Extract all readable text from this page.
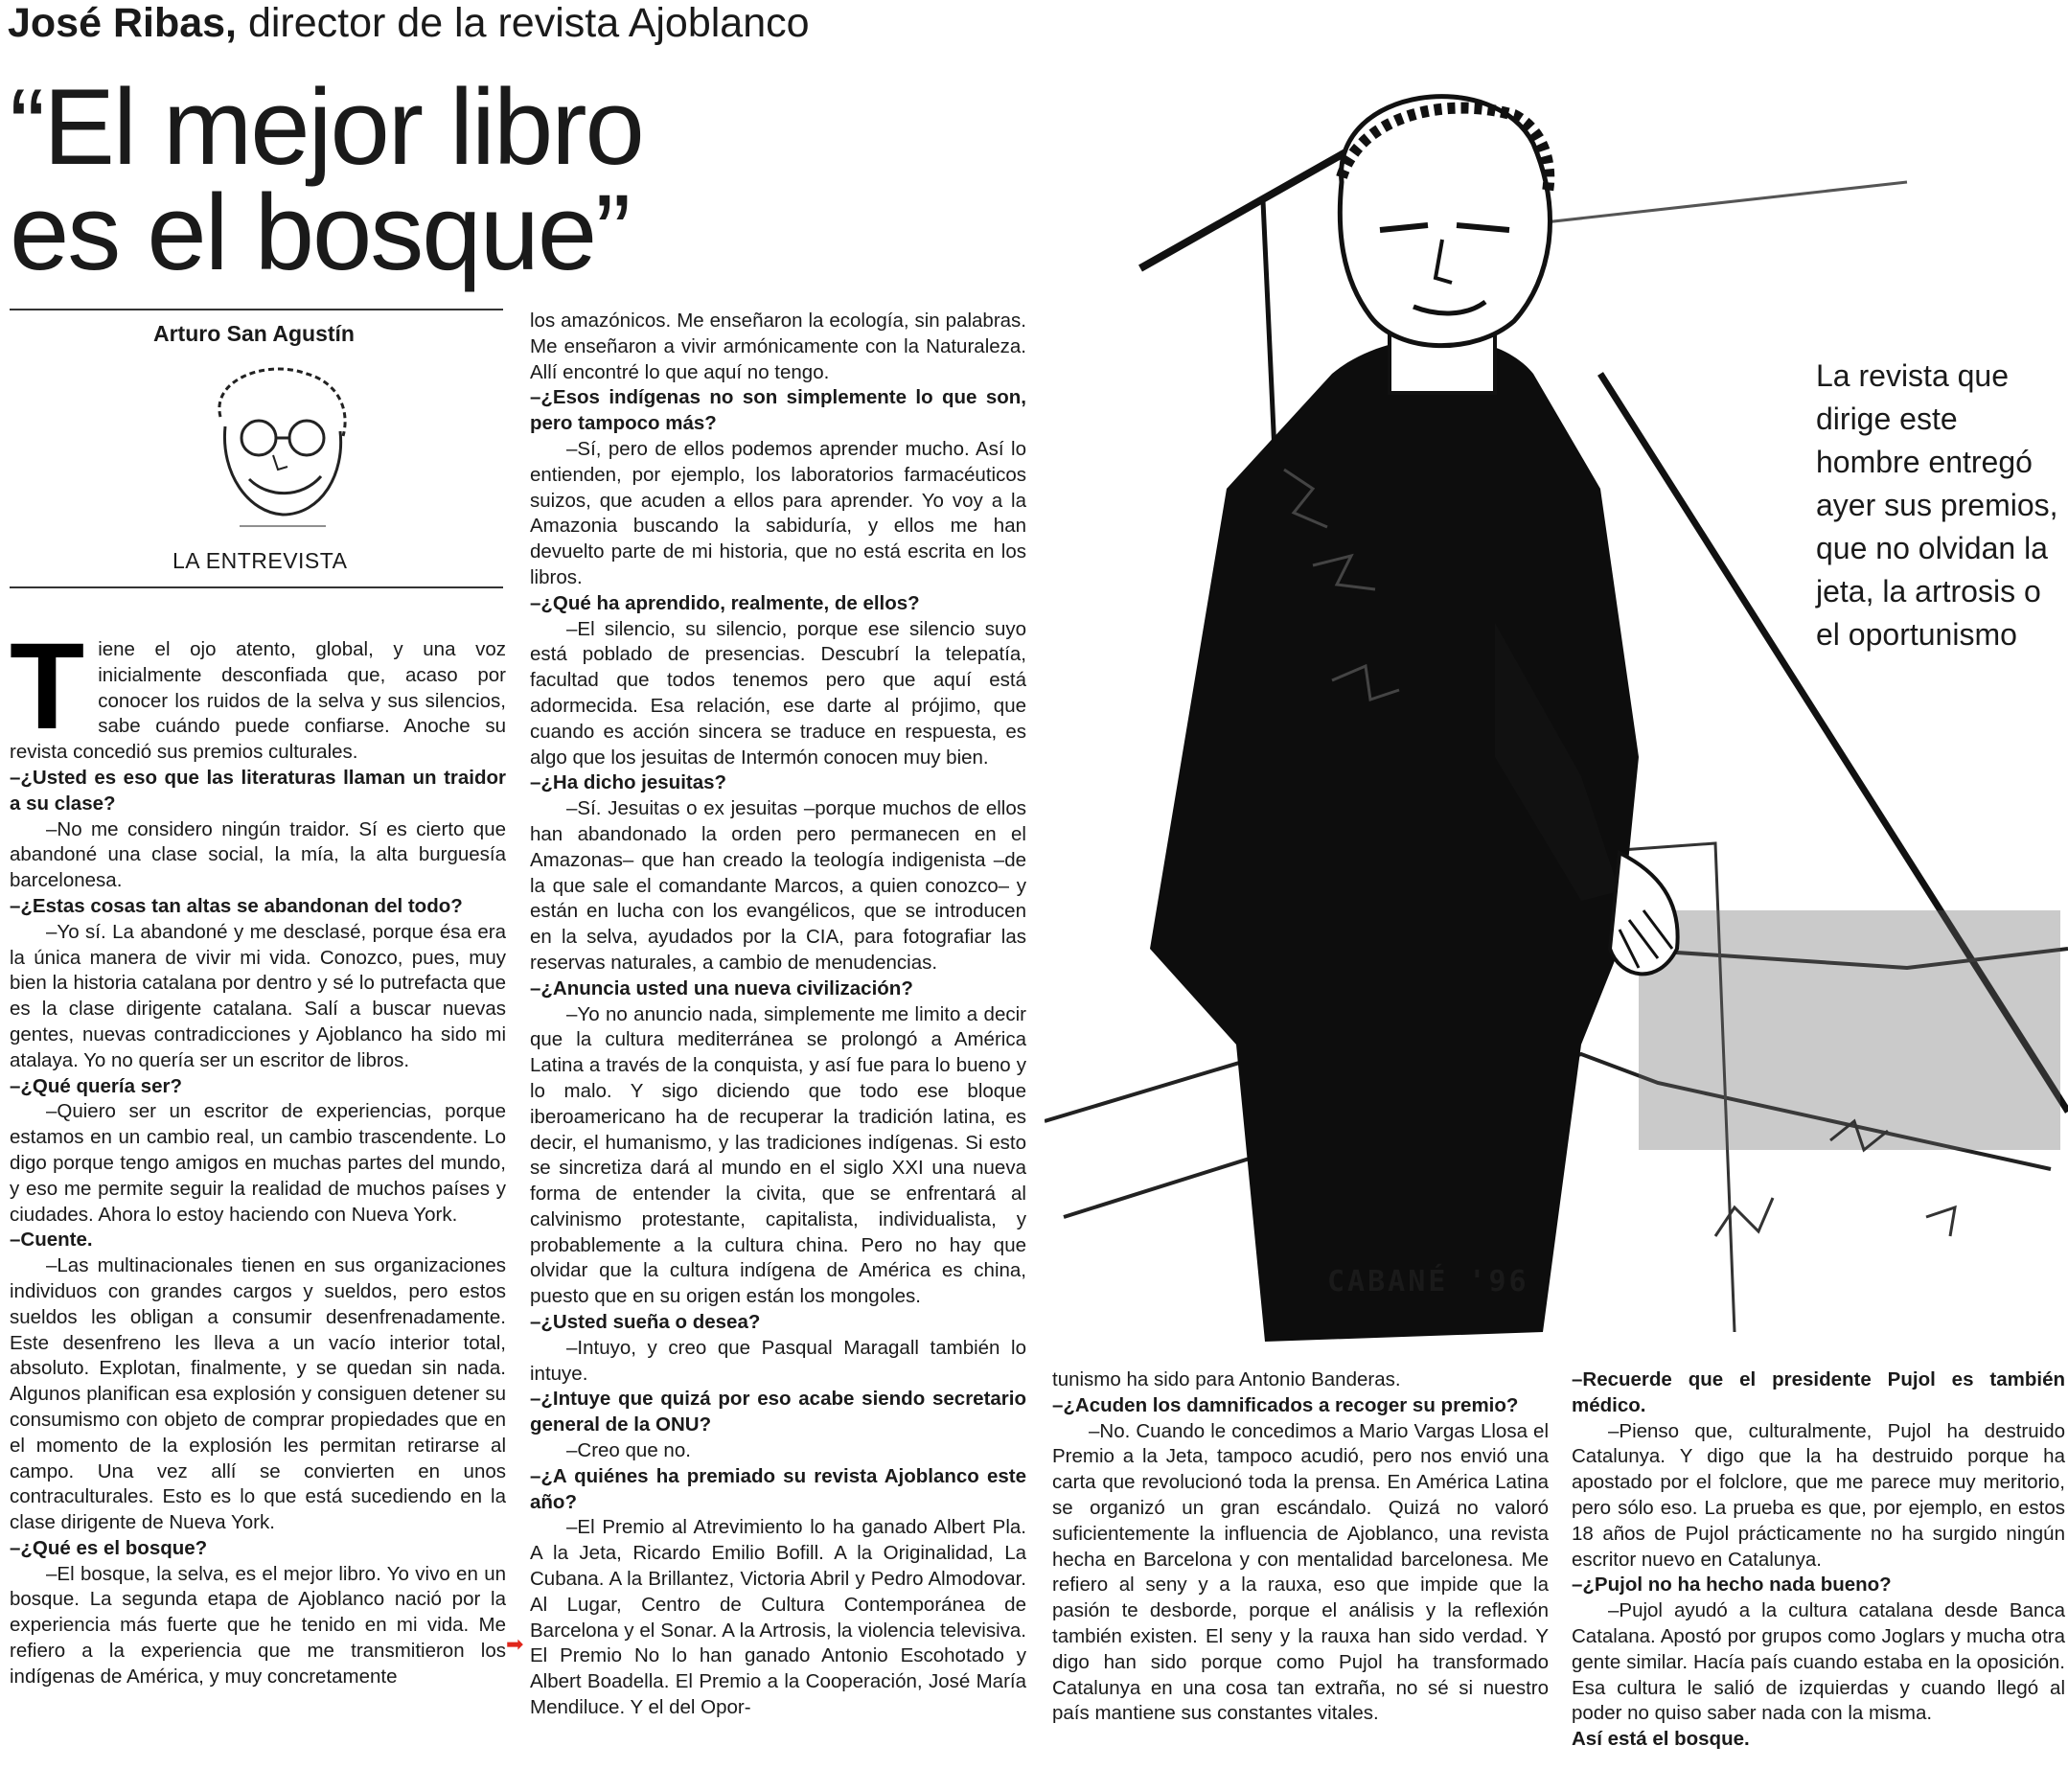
José Ribas, director de la revista Ajoblanco
“El mejor libro
es el bosque”
Arturo San Agustín
LA ENTREVISTA
T iene el ojo atento, global, y una voz inicialmente desconfiada que, acaso por conocer los ruidos de la selva y sus silencios, sabe cuándo puede confiarse. Anoche su revista concedió sus premios culturales.

–¿Usted es eso que las literaturas llaman un traidor a su clase?

–No me considero ningún traidor. Sí es cierto que abandoné una clase social, la mía, la alta burguesía barcelonesa.

–¿Estas cosas tan altas se abandonan del todo?

–Yo sí. La abandoné y me desclasé, porque ésa era la única manera de vivir mi vida. Conozco, pues, muy bien la historia catalana por dentro y sé lo putrefacta que es la clase dirigente catalana. Salí a buscar nuevas gentes, nuevas contradicciones y Ajoblanco ha sido mi atalaya. Yo no quería ser un escritor de libros.

–¿Qué quería ser?

–Quiero ser un escritor de experiencias, porque estamos en un cambio real, un cambio trascendente. Lo digo porque tengo amigos en muchas partes del mundo, y eso me permite seguir la realidad de muchos países y ciudades. Ahora lo estoy haciendo con Nueva York.

–Cuente.

–Las multinacionales tienen en sus organizaciones individuos con grandes cargos y sueldos, pero estos sueldos les obligan a consumir desenfrenadamente. Este desenfreno les lleva a un vacío interior total, absoluto. Explotan, finalmente, y se quedan sin nada. Algunos planifican esa explosión y consiguen detener su consumismo con objeto de comprar propiedades que en el momento de la explosión les permitan retirarse al campo. Una vez allí se convierten en unos contraculturales. Esto es lo que está sucediendo en la clase dirigente de Nueva York.

–¿Qué es el bosque?

–El bosque, la selva, es el mejor libro. Yo vivo en un bosque. La segunda etapa de Ajoblanco nació por la experiencia más fuerte que he tenido en mi vida. Me refiero a la experiencia que me transmitieron los indígenas de América, y muy concretamente

los amazónicos. Me enseñaron la ecología, sin palabras. Me enseñaron a vivir armónicamente con la Naturaleza. Allí encontré lo que aquí no tengo.

–¿Esos indígenas no son simplemente lo que son, pero tampoco más?

–Sí, pero de ellos podemos aprender mucho. Así lo entienden, por ejemplo, los laboratorios farmacéuticos suizos, que acuden a ellos para aprender. Yo voy a la Amazonia buscando la sabiduría, y ellos me han devuelto parte de mi historia, que no está escrita en los libros.

–¿Qué ha aprendido, realmente, de ellos?

–El silencio, su silencio, porque ese silencio suyo está poblado de presencias. Descubrí la telepatía, facultad que todos tenemos pero que aquí está adormecida. Esa relación, ese darte al prójimo, que cuando es acción sincera se traduce en respuesta, es algo que los jesuitas de Intermón conocen muy bien.

–¿Ha dicho jesuitas?

–Sí. Jesuitas o ex jesuitas –porque muchos de ellos han abandonado la orden pero permanecen en el Amazonas– que han creado la teología indigenista –de la que sale el comandante Marcos, a quien conozco– y están en lucha con los evangélicos, que se introducen en la selva, ayudados por la CIA, para fotografiar las reservas naturales, a cambio de menudencias.

–¿Anuncia usted una nueva civilización?

–Yo no anuncio nada, simplemente me limito a decir que la cultura mediterránea se prolongó a América Latina a través de la conquista, y así fue para lo bueno y lo malo. Y sigo diciendo que todo ese bloque iberoamericano ha de recuperar la tradición latina, es decir, el humanismo, y las tradiciones indígenas. Si esto se sincretiza dará al mundo en el siglo XXI una nueva forma de entender la civita, que se enfrentará al calvinismo protestante, capitalista, individualista, y probablemente a la cultura china. Pero no hay que olvidar que la cultura indígena de América es china, puesto que en su origen están los mongoles.

–¿Usted sueña o desea?

–Intuyo, y creo que Pasqual Maragall también lo intuye.

–¿Intuye que quizá por eso acabe siendo secretario general de la ONU?

–Creo que no.

–¿A quiénes ha premiado su revista Ajoblanco este año?

–El Premio al Atrevimiento lo ha ganado Albert Pla. A la Jeta, Ricardo Emilio Bofill. A la Originalidad, La Cubana. A la Brillantez, Victoria Abril y Pedro Almodovar. Al Lugar, Centro de Cultura Contemporánea de Barcelona y el Sonar. A la Artrosis, la violencia televisiva. El Premio No lo han ganado Antonio Escohotado y Albert Boadella. El Premio a la Cooperación, José María Mendiluce. Y el del Opor-

➡
CABANÉ '96
La revista que dirige este hombre entregó ayer sus premios, que no olvidan la jeta, la artrosis o el oportunismo

tunismo ha sido para Antonio Banderas.

–¿Acuden los damnificados a recoger su premio?

–No. Cuando le concedimos a Mario Vargas Llosa el Premio a la Jeta, tampoco acudió, pero nos envió una carta que revolucionó toda la prensa. En América Latina se organizó un gran escándalo. Quizá no valoró suficientemente la influencia de Ajoblanco, una revista hecha en Barcelona y con mentalidad barcelonesa. Me refiero al seny y a la rauxa, eso que impide que la pasión te desborde, porque el análisis y la reflexión también existen. El seny y la rauxa han sido verdad. Y digo han sido porque como Pujol ha transformado Catalunya en una cosa tan extraña, no sé si nuestro país mantiene sus constantes vitales.

–Recuerde que el presidente Pujol es también médico.

–Pienso que, culturalmente, Pujol ha destruido Catalunya. Y digo que la ha destruido porque ha apostado por el folclore, que me parece muy meritorio, pero sólo eso. La prueba es que, por ejemplo, en estos 18 años de Pujol prácticamente no ha surgido ningún escritor nuevo en Catalunya.

–¿Pujol no ha hecho nada bueno?

–Pujol ayudó a la cultura catalana desde Banca Catalana. Apostó por grupos como Joglars y mucha otra gente similar. Hacía país cuando estaba en la oposición. Esa cultura le salió de izquierdas y cuando llegó al poder no quiso saber nada con la misma.

Así está el bosque.
